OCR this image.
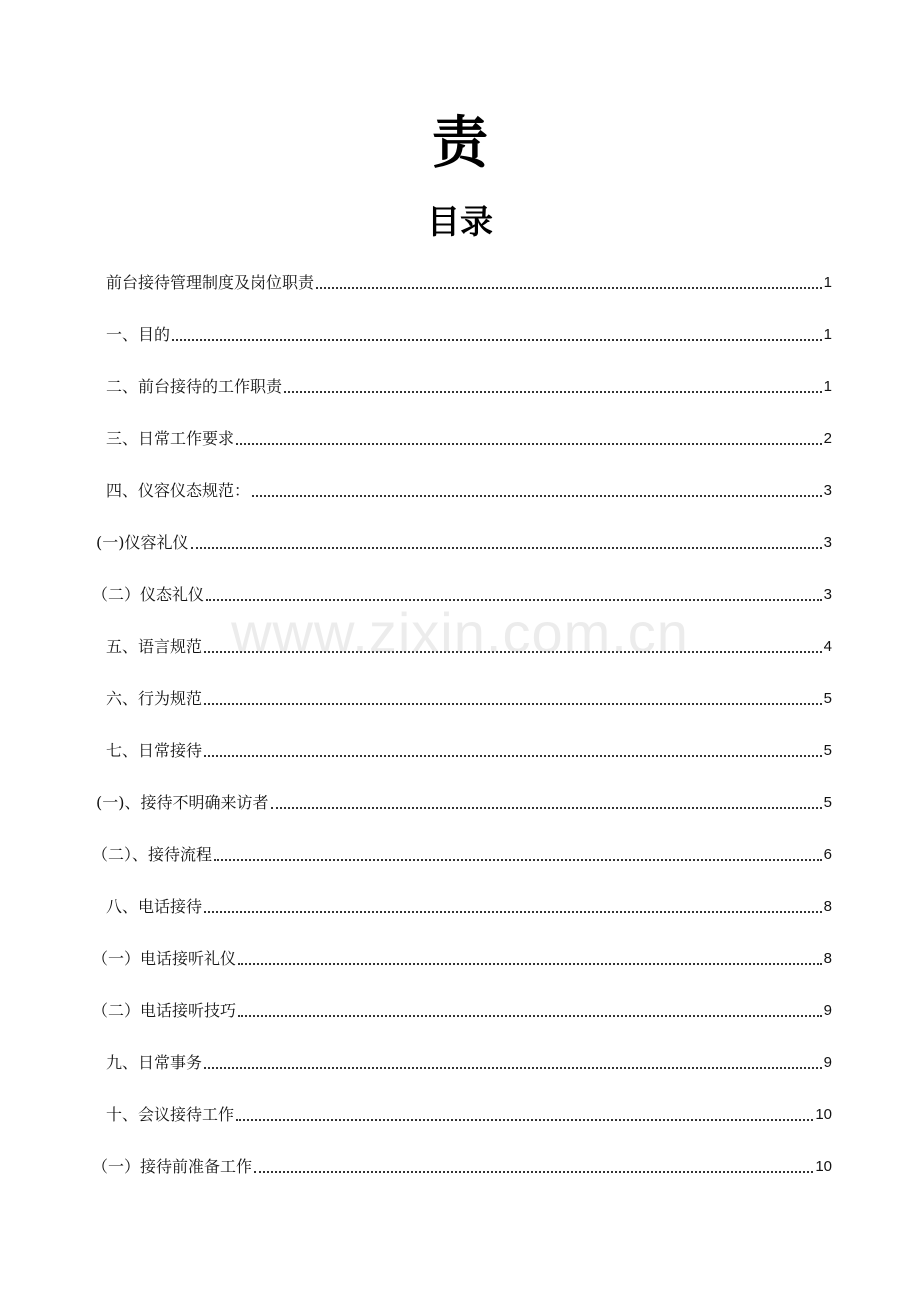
责
目录
前台接待管理制度及岗位职责	1
一、目的	1
二、前台接待的工作职责	1
三、日常工作要求	2
四、仪容仪态规范：	3
(一)仪容礼仪	3
（二）仪态礼仪	3
五、语言规范	4
六、行为规范	5
七、日常接待	5
(一)、接待不明确来访者	5
（二）、接待流程	6
八、电话接待	8
（一）电话接听礼仪	8
（二）电话接听技巧	9
九、日常事务	9
十、会议接待工作	10
（一）接待前准备工作	10
www.zixin.com.cn
